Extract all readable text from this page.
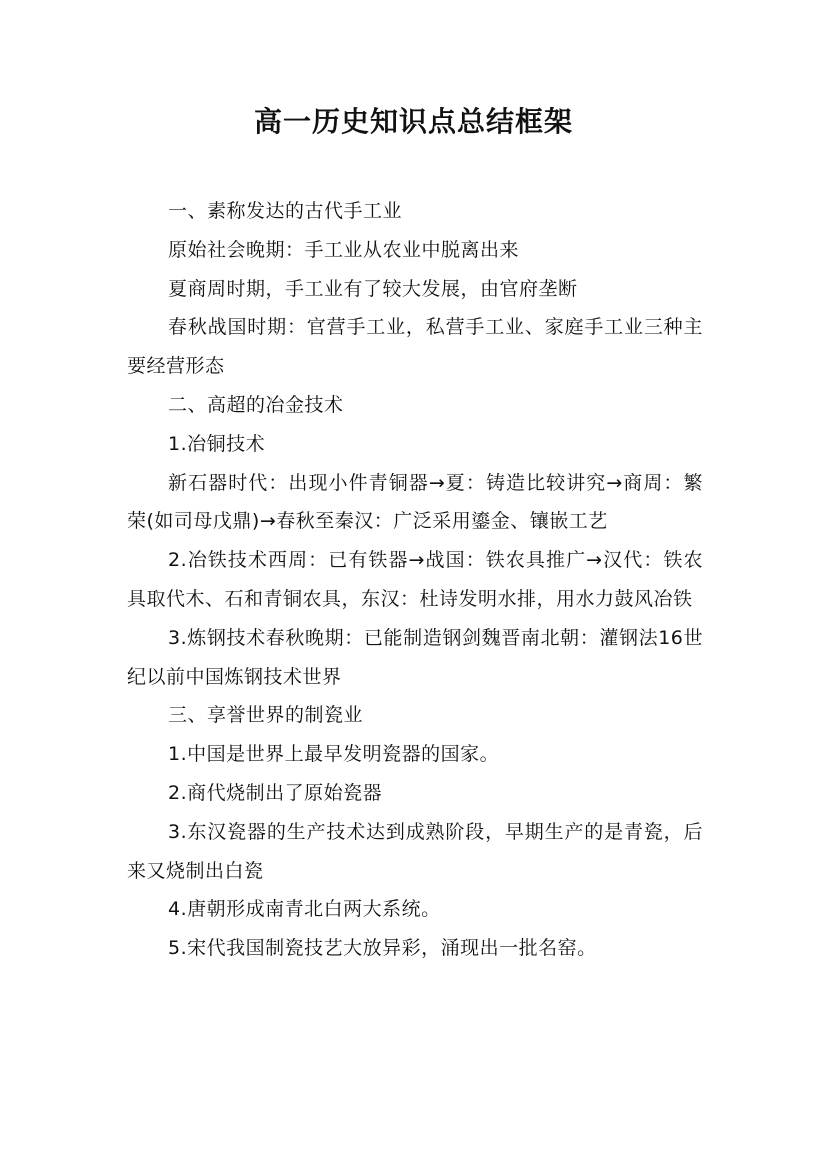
高一历史知识点总结框架

一、素称发达的古代手工业

原始社会晚期：手工业从农业中脱离出来

夏商周时期，手工业有了较大发展，由官府垄断

春秋战国时期：官营手工业，私营手工业、家庭手工业三种主要经营形态

二、高超的冶金技术

1.冶铜技术

新石器时代：出现小件青铜器→夏：铸造比较讲究→商周：繁荣(如司母戊鼎)→春秋至秦汉：广泛采用鎏金、镶嵌工艺

2.冶铁技术西周：已有铁器→战国：铁农具推广→汉代：铁农具取代木、石和青铜农具，东汉：杜诗发明水排，用水力鼓风冶铁

3.炼钢技术春秋晚期：已能制造钢剑魏晋南北朝：灌钢法16世纪以前中国炼钢技术世界

三、享誉世界的制瓷业

1.中国是世界上最早发明瓷器的国家。

2.商代烧制出了原始瓷器

3.东汉瓷器的生产技术达到成熟阶段，早期生产的是青瓷，后来又烧制出白瓷

4.唐朝形成南青北白两大系统。

5.宋代我国制瓷技艺大放异彩，涌现出一批名窑。
